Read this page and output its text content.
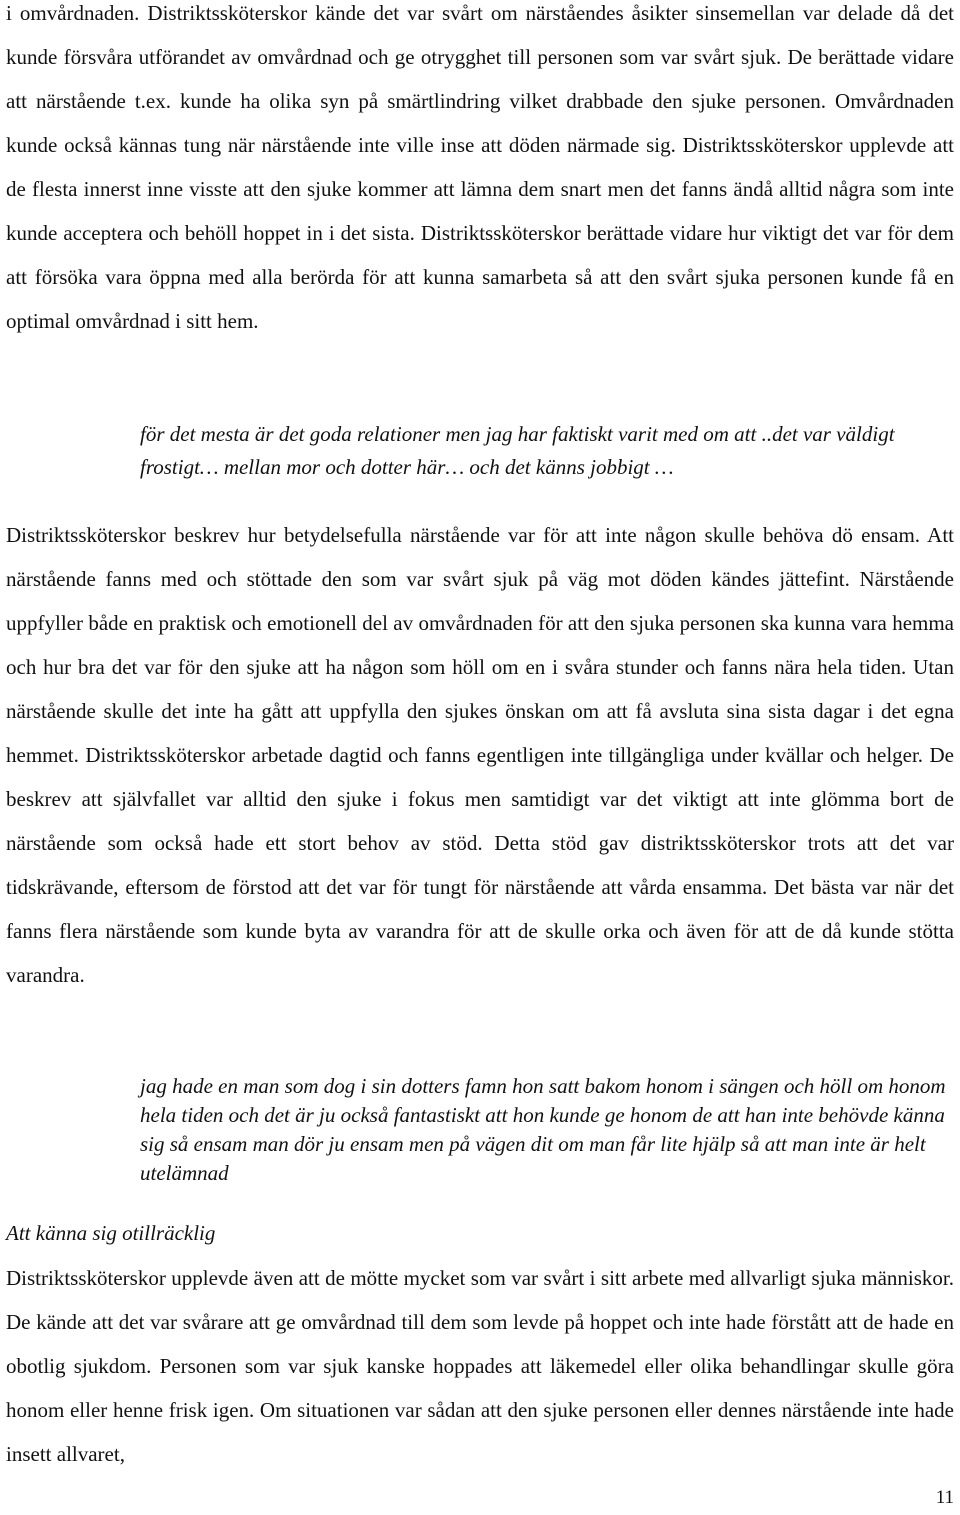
i omvårdnaden. Distriktssköterskor kände det var svårt om närståendes åsikter sinsemellan var delade då det kunde försvåra utförandet av omvårdnad och ge otrygghet till personen som var svårt sjuk. De berättade vidare att närstående t.ex. kunde ha olika syn på smärtlindring vilket drabbade den sjuke personen. Omvårdnaden kunde också kännas tung när närstående inte ville inse att döden närmade sig. Distriktssköterskor upplevde att de flesta innerst inne visste att den sjuke kommer att lämna dem snart men det fanns ändå alltid några som inte kunde acceptera och behöll hoppet in i det sista. Distriktssköterskor berättade vidare hur viktigt det var för dem att försöka vara öppna med alla berörda för att kunna samarbeta så att den svårt sjuka personen kunde få en optimal omvårdnad i sitt hem.

för det mesta är det goda relationer men jag har faktiskt varit med om att ..det var väldigt frostigt… mellan mor och dotter här… och det känns jobbigt …

Distriktssköterskor beskrev hur betydelsefulla närstående var för att inte någon skulle behöva dö ensam. Att närstående fanns med och stöttade den som var svårt sjuk på väg mot döden kändes jättefint. Närstående uppfyller både en praktisk och emotionell del av omvårdnaden för att den sjuka personen ska kunna vara hemma och hur bra det var för den sjuke att ha någon som höll om en i svåra stunder och fanns nära hela tiden. Utan närstående skulle det inte ha gått att uppfylla den sjukes önskan om att få avsluta sina sista dagar i det egna hemmet. Distriktssköterskor arbetade dagtid och fanns egentligen inte tillgängliga under kvällar och helger. De beskrev att självfallet var alltid den sjuke i fokus men samtidigt var det viktigt att inte glömma bort de närstående som också hade ett stort behov av stöd. Detta stöd gav distriktssköterskor trots att det var tidskrävande, eftersom de förstod att det var för tungt för närstående att vårda ensamma. Det bästa var när det fanns flera närstående som kunde byta av varandra för att de skulle orka och även för att de då kunde stötta varandra.

jag hade en man som dog i sin dotters famn hon satt bakom honom i sängen och höll om honom hela tiden och det är ju också fantastiskt att hon kunde ge honom de att han inte behövde känna sig så ensam man dör ju ensam men på vägen dit om man får lite hjälp så att man inte är helt utelämnad

Att känna sig otillräcklig

Distriktssköterskor upplevde även att de mötte mycket som var svårt i sitt arbete med allvarligt sjuka människor. De kände att det var svårare att ge omvårdnad till dem som levde på hoppet och inte hade förstått att de hade en obotlig sjukdom. Personen som var sjuk kanske hoppades att läkemedel eller olika behandlingar skulle göra honom eller henne frisk igen. Om situationen var sådan att den sjuke personen eller dennes närstående inte hade insett allvaret,

11
